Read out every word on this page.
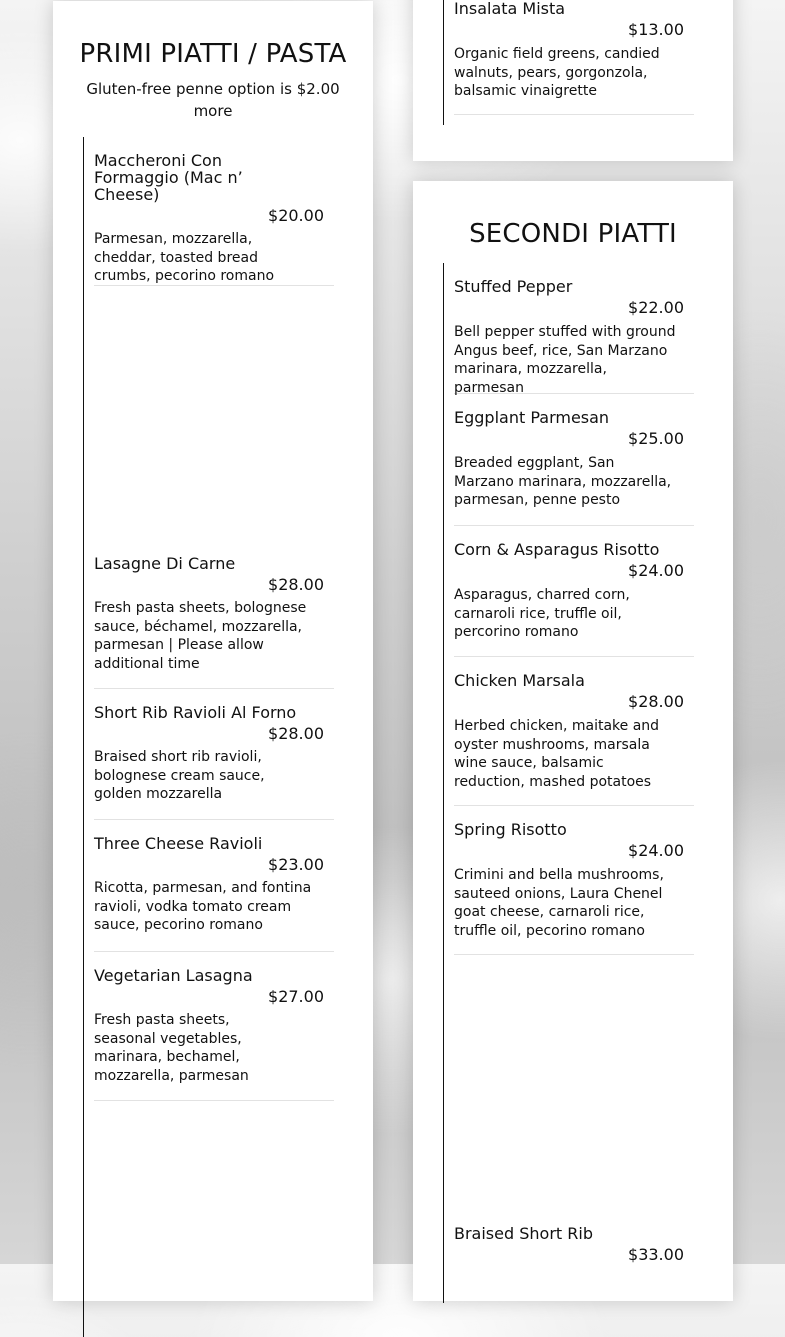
PRIMI PIATTI / PASTA

Gluten-free penne option is $2.00 more

Maccheroni Con Formaggio (Mac n’ Cheese)

$20.00

Parmesan, mozzarella, cheddar, toasted bread crumbs, pecorino romano

Lasagne Di Carne

$28.00

Fresh pasta sheets, bolognese sauce, béchamel, mozzarella, parmesan | Please allow additional time

Short Rib Ravioli Al Forno

$28.00

Braised short rib ravioli, bolognese cream sauce, golden mozzarella

Three Cheese Ravioli

$23.00

Ricotta, parmesan, and fontina ravioli, vodka tomato cream sauce, pecorino romano

Vegetarian Lasagna

$27.00

Fresh pasta sheets, seasonal vegetables, marinara, bechamel, mozzarella, parmesan

Insalata Mista

$13.00

Organic field greens, candied walnuts, pears, gorgonzola, balsamic vinaigrette

SECONDI PIATTI

Stuffed Pepper

$22.00

Bell pepper stuffed with ground Angus beef, rice, San Marzano marinara, mozzarella, parmesan

Eggplant Parmesan

$25.00

Breaded eggplant, San Marzano marinara, mozzarella, parmesan, penne pesto

Corn & Asparagus Risotto

$24.00

Asparagus, charred corn, carnaroli rice, truffle oil, percorino romano

Chicken Marsala

$28.00

Herbed chicken, maitake and oyster mushrooms, marsala wine sauce, balsamic reduction, mashed potatoes

Spring Risotto

$24.00

Crimini and bella mushrooms, sauteed onions, Laura Chenel goat cheese, carnaroli rice, truffle oil, pecorino romano

Braised Short Rib

$33.00
